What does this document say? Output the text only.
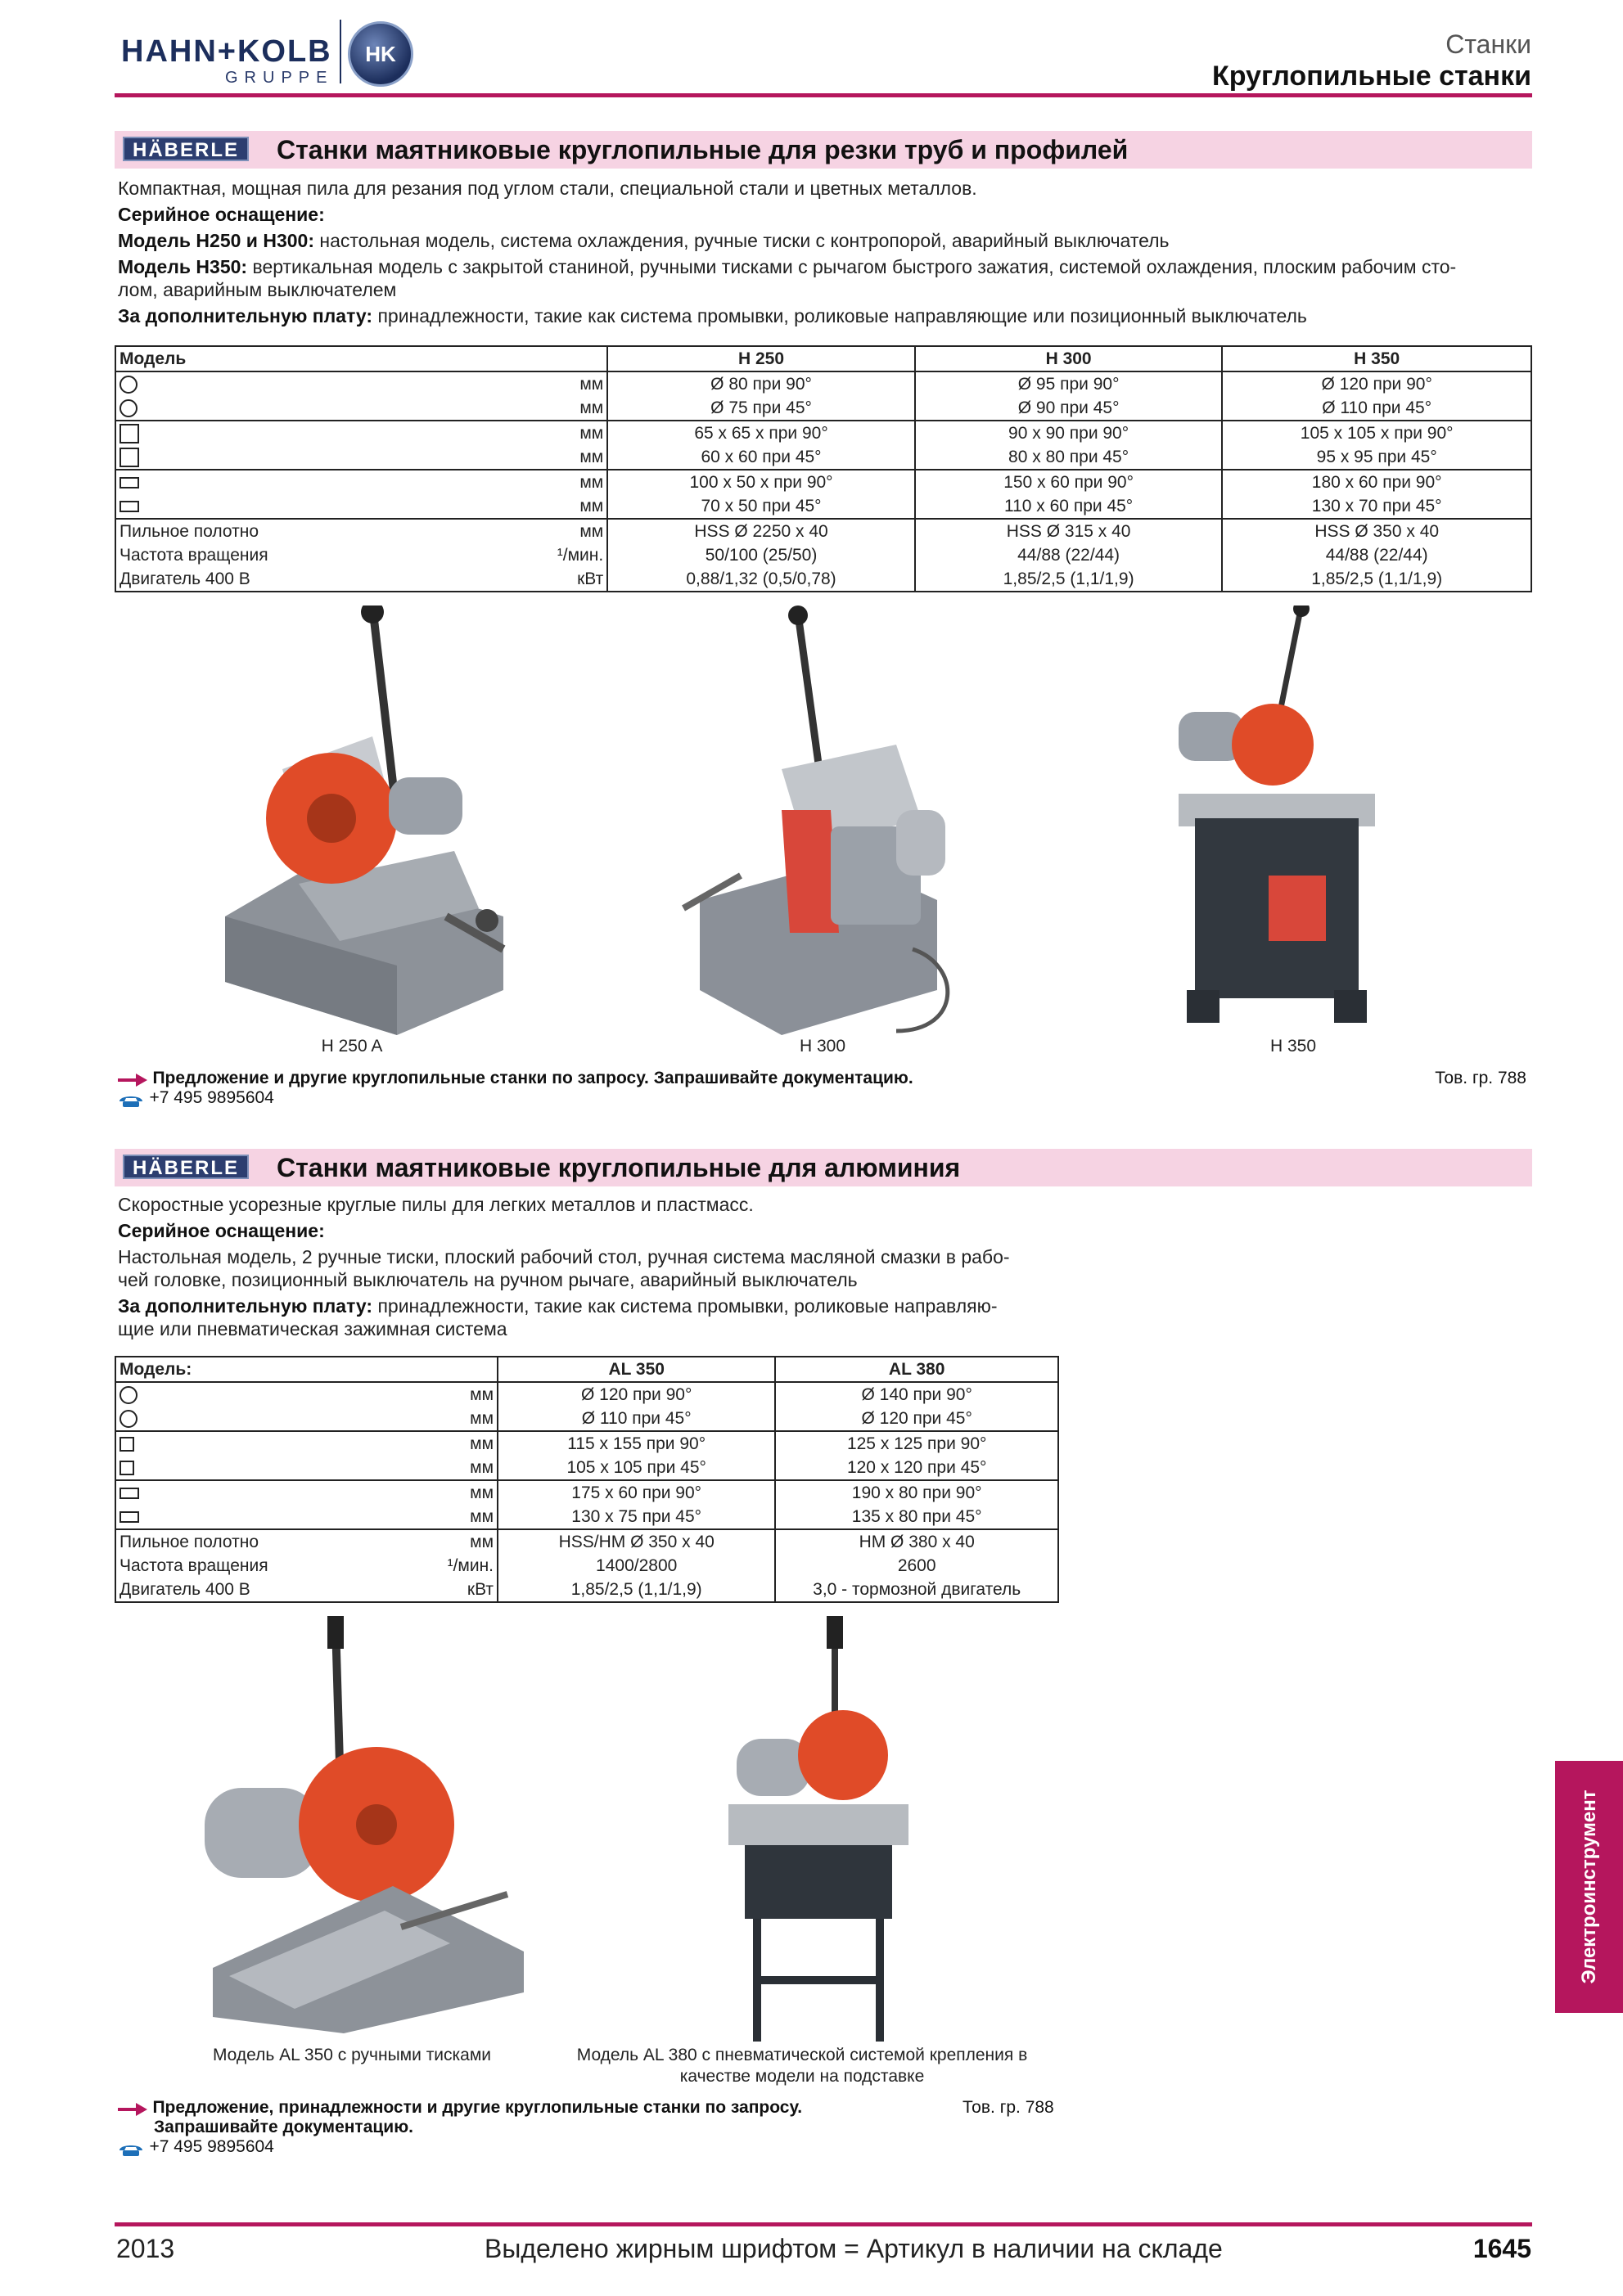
HAHN+KOLB
GRUPPE
HK	Станки
Круглопильные станки
HÄBERLE	Станки маятниковые круглопильные для резки труб и профилей
Компактная, мощная пила для резания под углом стали, специальной стали и цветных металлов.
Серийное оснащение:
Модель H250 и H300: настольная модель, система охлаждения, ручные тиски с контропорой, аварийный выключатель
Модель H350: вертикальная модель с закрытой станиной, ручными тисками с рычагом быстрого зажатия, системой охлаждения, плоским рабочим сто-
лом, аварийным выключателем
За дополнительную плату: принадлежности, такие как система промывки, роликовые направляющие или позиционный выключатель
Модель		H 250	H 300	H 350
	мм	Ø 80 при 90°	Ø 95 при 90°	Ø 120 при 90°
	мм	Ø 75 при 45°	Ø 90 при 45°	Ø 110 при 45°
	мм	65 x 65 x при 90°	90 x 90 при 90°	105 x 105 x при 90°
	мм	60 x 60 при 45°	80 x 80 при 45°	95 x 95 при 45°
	мм	100 x 50 x при 90°	150 x 60 при 90°	180 x 60 при 90°
	мм	70 x 50 при 45°	110 x 60 при 45°	130 x 70 при 45°
Пильное полотно	мм	HSS Ø 2250 x 40	HSS Ø 315 x 40	HSS Ø 350 x 40
Частота вращения	¹/мин.	50/100 (25/50)	44/88 (22/44)	44/88 (22/44)
Двигатель 400 В	кВт	0,88/1,32 (0,5/0,78)	1,85/2,5 (1,1/1,9)	1,85/2,5 (1,1/1,9)
H 250 A	H 300	H 350
Предложение и другие круглопильные станки по запросу. Запрашивайте документацию.
+7 495 9895604
Тов. гр. 788
HÄBERLE	Станки маятниковые круглопильные для алюминия
Скоростные усорезные круглые пилы для легких металлов и пластмасс.
Серийное оснащение:
Настольная модель, 2 ручные тиски, плоский рабочий стол, ручная система масляной смазки в рабо-
чей головке, позиционный выключатель на ручном рычаге, аварийный выключатель
За дополнительную плату: принадлежности, такие как система промывки, роликовые направляю-
щие или пневматическая зажимная система
Модель:		AL 350	AL 380
	мм	Ø 120 при 90°	Ø 140 при 90°
	мм	Ø 110 при 45°	Ø 120 при 45°
	мм	115 x 155 при 90°	125 x 125 при 90°
	мм	105 x 105 при 45°	120 x 120 при 45°
	мм	175 x 60 при 90°	190 x 80 при 90°
	мм	130 x 75 при 45°	135 x 80 при 45°
Пильное полотно	мм	HSS/HM Ø 350 x 40	HM Ø 380 x 40
Частота вращения	¹/мин.	1400/2800	2600
Двигатель 400 В	кВт	1,85/2,5 (1,1/1,9)	3,0 - тормозной двигатель
Модель AL 350 с ручными тисками	Модель AL 380 с пневматической системой крепления в
качестве модели на подставке
Предложение, принадлежности и другие круглопильные станки по запросу.
Запрашивайте документацию.
+7 495 9895604
Тов. гр. 788
Электроинструмент
2013	Выделено жирным шрифтом = Артикул в наличии на складе	1645
